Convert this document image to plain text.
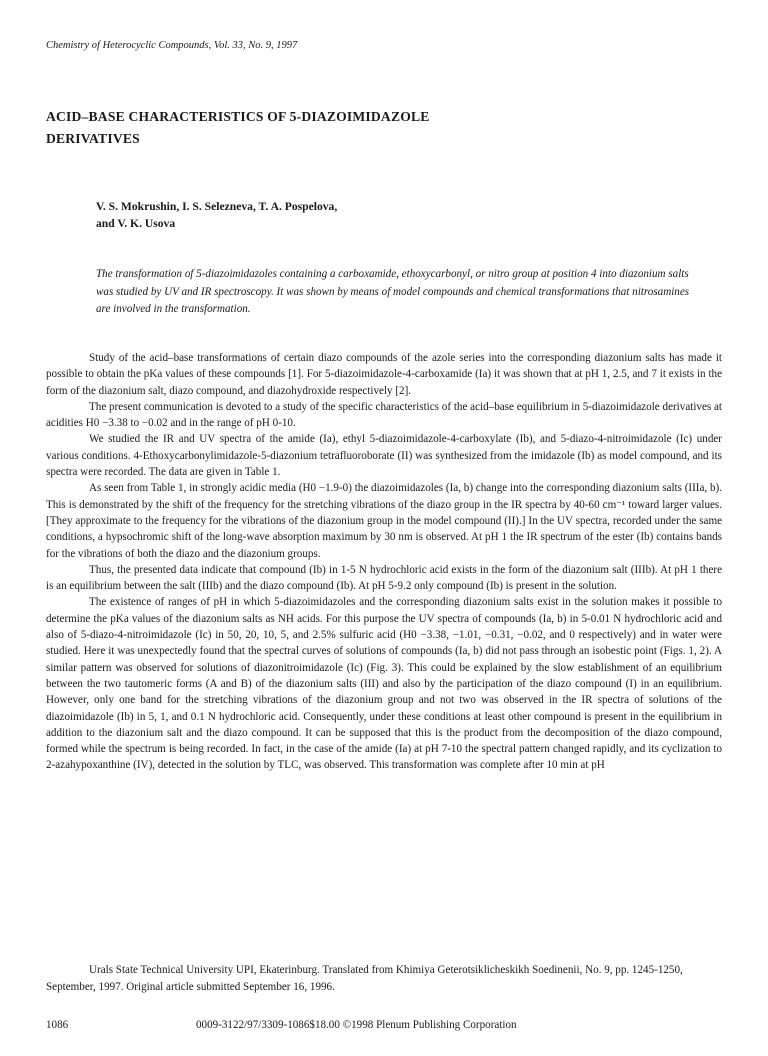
Chemistry of Heterocyclic Compounds, Vol. 33, No. 9, 1997
ACID–BASE CHARACTERISTICS OF 5-DIAZOIMIDAZOLE DERIVATIVES
V. S. Mokrushin, I. S. Selezneva, T. A. Pospelova,
and V. K. Usova
The transformation of 5-diazoimidazoles containing a carboxamide, ethoxycarbonyl, or nitro group at position 4 into diazonium salts was studied by UV and IR spectroscopy. It was shown by means of model compounds and chemical transformations that nitrosamines are involved in the transformation.

Study of the acid–base transformations of certain diazo compounds of the azole series into the corresponding diazonium salts has made it possible to obtain the pKa values of these compounds [1]. For 5-diazoimidazole-4-carboxamide (Ia) it was shown that at pH 1, 2.5, and 7 it exists in the form of the diazonium salt, diazo compound, and diazohydroxide respectively [2].

The present communication is devoted to a study of the specific characteristics of the acid–base equilibrium in 5-diazoimidazole derivatives at acidities H0 −3.38 to −0.02 and in the range of pH 0-10.

We studied the IR and UV spectra of the amide (Ia), ethyl 5-diazoimidazole-4-carboxylate (Ib), and 5-diazo-4-nitroimidazole (Ic) under various conditions. 4-Ethoxycarbonylimidazole-5-diazonium tetrafluoroborate (II) was synthesized from the imidazole (Ib) as model compound, and its spectra were recorded. The data are given in Table 1.

As seen from Table 1, in strongly acidic media (H0 −1.9-0) the diazoimidazoles (Ia, b) change into the corresponding diazonium salts (IIIa, b). This is demonstrated by the shift of the frequency for the stretching vibrations of the diazo group in the IR spectra by 40-60 cm⁻¹ toward larger values. [They approximate to the frequency for the vibrations of the diazonium group in the model compound (II).] In the UV spectra, recorded under the same conditions, a hypsochromic shift of the long-wave absorption maximum by 30 nm is observed. At pH 1 the IR spectrum of the ester (Ib) contains bands for the vibrations of both the diazo and the diazonium groups.

Thus, the presented data indicate that compound (Ib) in 1-5 N hydrochloric acid exists in the form of the diazonium salt (IIIb). At pH 1 there is an equilibrium between the salt (IIIb) and the diazo compound (Ib). At pH 5-9.2 only compound (Ib) is present in the solution.

The existence of ranges of pH in which 5-diazoimidazoles and the corresponding diazonium salts exist in the solution makes it possible to determine the pKa values of the diazonium salts as NH acids. For this purpose the UV spectra of compounds (Ia, b) in 5-0.01 N hydrochloric acid and also of 5-diazo-4-nitroimidazole (Ic) in 50, 20, 10, 5, and 2.5% sulfuric acid (H0 −3.38, −1.01, −0.31, −0.02, and 0 respectively) and in water were studied. Here it was unexpectedly found that the spectral curves of solutions of compounds (Ia, b) did not pass through an isobestic point (Figs. 1, 2). A similar pattern was observed for solutions of diazonitroimidazole (Ic) (Fig. 3). This could be explained by the slow establishment of an equilibrium between the two tautomeric forms (A and B) of the diazonium salts (III) and also by the participation of the diazo compound (I) in an equilibrium. However, only one band for the stretching vibrations of the diazonium group and not two was observed in the IR spectra of solutions of the diazoimidazole (Ib) in 5, 1, and 0.1 N hydrochloric acid. Consequently, under these conditions at least other compound is present in the equilibrium in addition to the diazonium salt and the diazo compound. It can be supposed that this is the product from the decomposition of the diazo compound, formed while the spectrum is being recorded. In fact, in the case of the amide (Ia) at pH 7-10 the spectral pattern changed rapidly, and its cyclization to 2-azahypoxanthine (IV), detected in the solution by TLC, was observed. This transformation was complete after 10 min at pH

Urals State Technical University UPI, Ekaterinburg. Translated from Khimiya Geterotsiklicheskikh Soedinenii, No. 9, pp. 1245-1250, September, 1997. Original article submitted September 16, 1996.

1086	0009-3122/97/3309-1086$18.00 ©1998 Plenum Publishing Corporation
